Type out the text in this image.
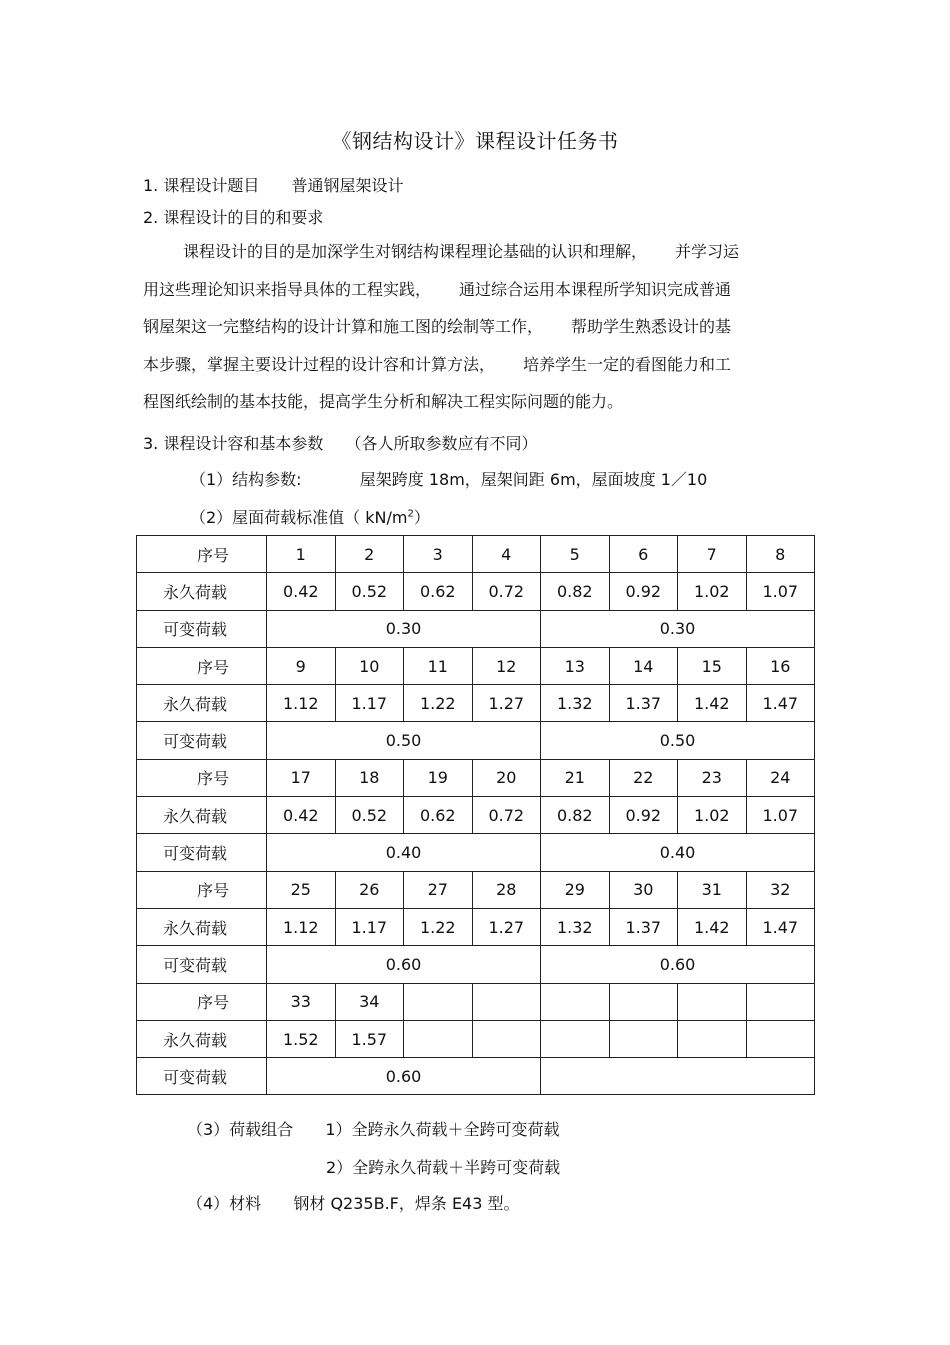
《钢结构设计》课程设计任务书
1. 课程设计题目 普通钢屋架设计
2. 课程设计的目的和要求
课程设计的目的是加深学生对钢结构课程理论基础的认识和理解， 并学习运
用这些理论知识来指导具体的工程实践， 通过综合运用本课程所学知识完成普通
钢屋架这一完整结构的设计计算和施工图的绘制等工作， 帮助学生熟悉设计的基
本步骤，掌握主要设计过程的设计容和计算方法， 培养学生一定的看图能力和工
程图纸绘制的基本技能，提高学生分析和解决工程实际问题的能力。
3. 课程设计容和基本参数 （各人所取参数应有不同）
（1）结构参数:	屋架跨度 18m，屋架间距 6m，屋面坡度 1／10
（2）屋面荷载标准值（ $kN/m^2$）
序号	1	2	3	4	5	6	7	8
永久荷载	0.42	0.52	0.62	0.72	0.82	0.92	1.02	1.07
可变荷载	0.30				0.30			
序号	9	10	11	12	13	14	15	16
永久荷载	1.12	1.17	1.22	1.27	1.32	1.37	1.42	1.47
可变荷载	0.50				0.50			
序号	17	18	19	20	21	22	23	24
永久荷载	0.42	0.52	0.62	0.72	0.82	0.92	1.02	1.07
可变荷载	0.40				0.40			
序号	25	26	27	28	29	30	31	32
永久荷载	1.12	1.17	1.22	1.27	1.32	1.37	1.42	1.47
可变荷载	0.60				0.60			
序号	33	34						
永久荷载	1.52	1.57						
可变荷载	0.60							
（3）荷载组合 1）全跨永久荷载＋全跨可变荷载
2）全跨永久荷载＋半跨可变荷载
（4）材料 钢材 Q235B.F，焊条 E43 型。
